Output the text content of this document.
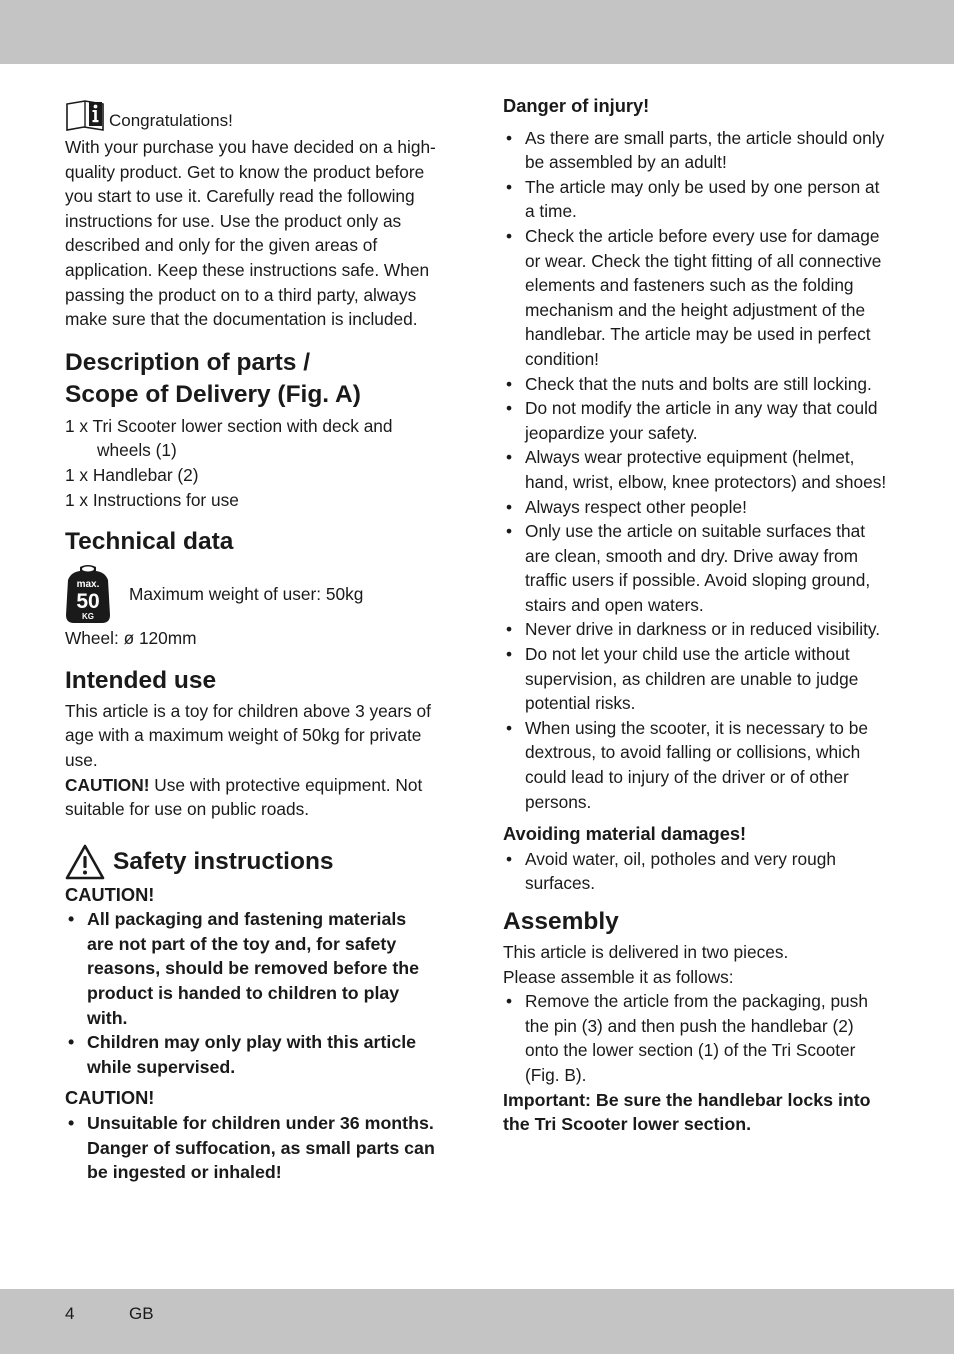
Congratulations!

With your purchase you have decided on a high-quality product. Get to know the product before you start to use it. Carefully read the following instructions for use. Use the product only as described and only for the given areas of application. Keep these instructions safe. When passing the product on to a third party, always make sure that the documentation is included.

Description of parts /
Scope of Delivery (Fig. A)
1 x Tri Scooter lower section with deck and wheels (1)
1 x Handlebar (2)
1 x Instructions for use
Technical data
max.
50
KG
Maximum weight of user: 50kg

Wheel: ø 120mm

Intended use

This article is a toy for children above 3 years of age with a maximum weight of 50kg for private use.

CAUTION! Use with protective equipment. Not suitable for use on public roads.

Safety instructions
CAUTION!
• All packaging and fastening materials are not part of the toy and, for safety reasons, should be removed before the product is handed to children to play with.
• Children may only play with this article while supervised.
CAUTION!
• Unsuitable for children under 36 months. Danger of suffocation, as small parts can be ingested or inhaled!
Danger of injury!
• As there are small parts, the article should only be assembled by an adult!
• The article may only be used by one person at a time.
• Check the article before every use for damage or wear. Check the tight fitting of all connective elements and fasteners such as the folding mechanism and the height adjustment of the handlebar. The article may be used in perfect condition!
• Check that the nuts and bolts are still locking.
• Do not modify the article in any way that could jeopardize your safety.
• Always wear protective equipment (helmet, hand, wrist, elbow, knee protectors) and shoes!
• Always respect other people!
• Only use the article on suitable surfaces that are clean, smooth and dry. Drive away from traffic users if possible. Avoid sloping ground, stairs and open waters.
• Never drive in darkness or in reduced visibility.
• Do not let your child use the article without supervision, as children are unable to judge potential risks.
• When using the scooter, it is necessary to be dextrous, to avoid falling or collisions, which could lead to injury of the driver or of other persons.
Avoiding material damages!
• Avoid water, oil, potholes and very rough surfaces.
Assembly

This article is delivered in two pieces.

Please assemble it as follows:

• Remove the article from the packaging, push the pin (3) and then push the handlebar (2) onto the lower section (1) of the Tri Scooter (Fig. B).

Important: Be sure the handlebar locks into the Tri Scooter lower section.

4	GB
